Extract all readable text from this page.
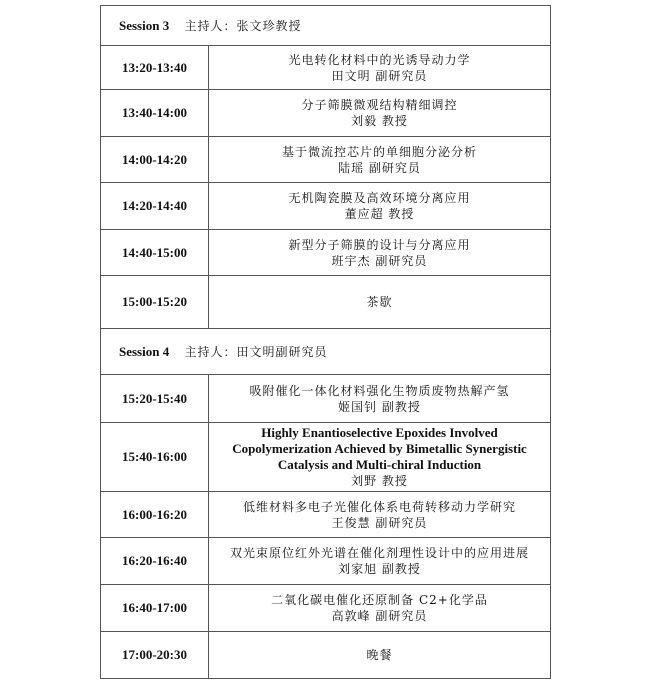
Session 3 主持人：张文珍教授	
13:20-13:40	光电转化材料中的光诱导动力学
田文明 副研究员

13:40-14:00	分子筛膜微观结构精细调控
刘毅 教授

14:00-14:20	基于微流控芯片的单细胞分泌分析
陆瑶 副研究员

14:20-14:40	无机陶瓷膜及高效环境分离应用
董应超 教授

14:40-15:00	新型分子筛膜的设计与分离应用
班宇杰 副研究员

15:00-15:20	茶歇
Session 4 主持人：田文明副研究员	
15:20-15:40	吸附催化一体化材料强化生物质废物热解产氢
姬国钊 副教授

15:40-16:00	Highly Enantioselective Epoxides Involved
Copolymerization Achieved by Bimetallic Synergistic
Catalysis and Multi-chiral Induction
刘野 教授

16:00-16:20	低维材料多电子光催化体系电荷转移动力学研究
王俊慧 副研究员

16:20-16:40	双光束原位红外光谱在催化剂理性设计中的应用进展
刘家旭 副教授

16:40-17:00	二氧化碳电催化还原制备 C2+化学品
高敦峰 副研究员

17:00-20:30	晚餐
